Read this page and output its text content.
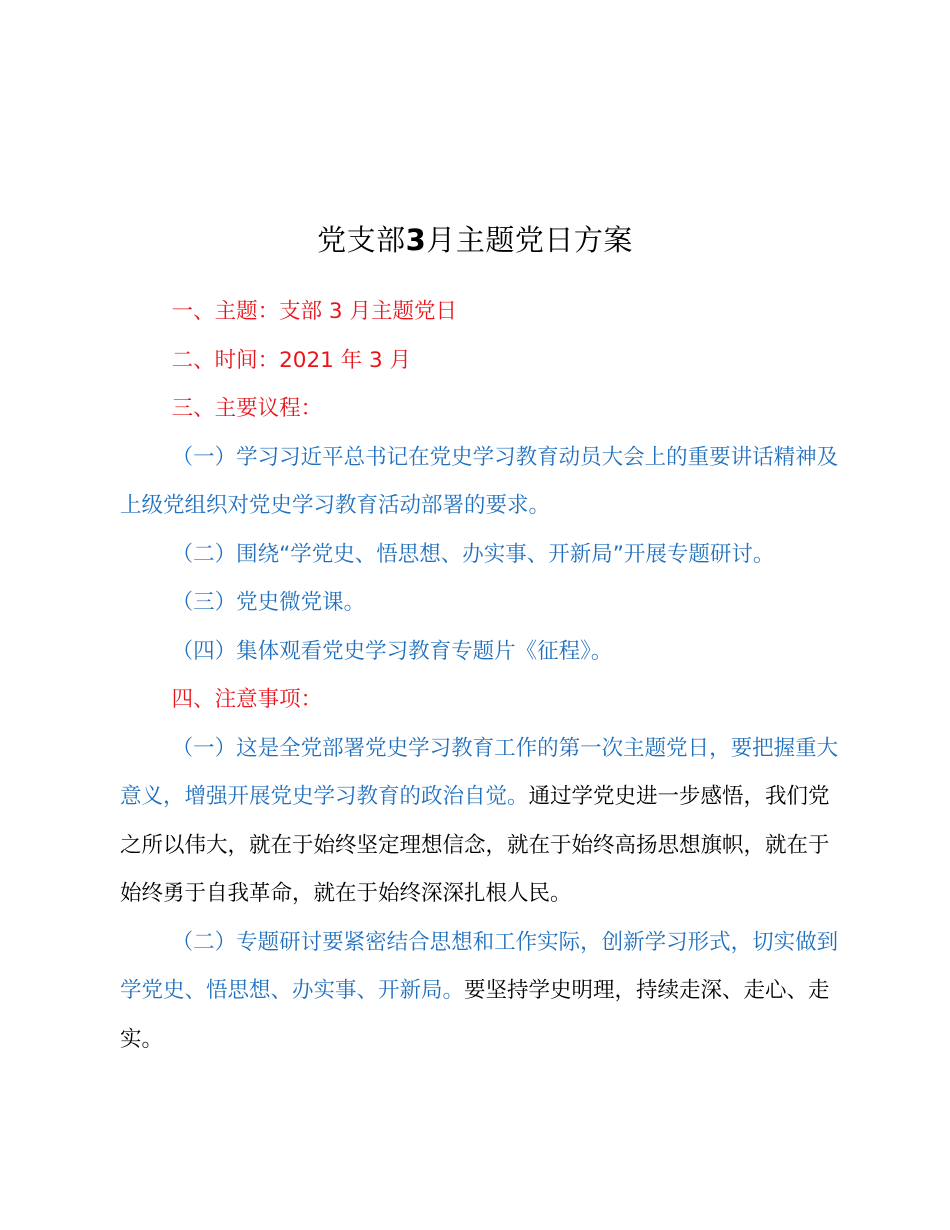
党支部3月主题党日方案

一、主题：支部 3 月主题党日

二、时间：2021 年 3 月

三、主要议程：

（一）学习习近平总书记在党史学习教育动员大会上的重要讲话精神及上级党组织对党史学习教育活动部署的要求。

（二）围绕“学党史、悟思想、办实事、开新局”开展专题研讨。

（三）党史微党课。

（四）集体观看党史学习教育专题片《征程》。

四、注意事项：

（一）这是全党部署党史学习教育工作的第一次主题党日，要把握重大意义，增强开展党史学习教育的政治自觉。通过学党史进一步感悟，我们党之所以伟大，就在于始终坚定理想信念，就在于始终高扬思想旗帜，就在于始终勇于自我革命，就在于始终深深扎根人民。

（二）专题研讨要紧密结合思想和工作实际，创新学习形式，切实做到学党史、悟思想、办实事、开新局。要坚持学史明理，持续走深、走心、走实。
